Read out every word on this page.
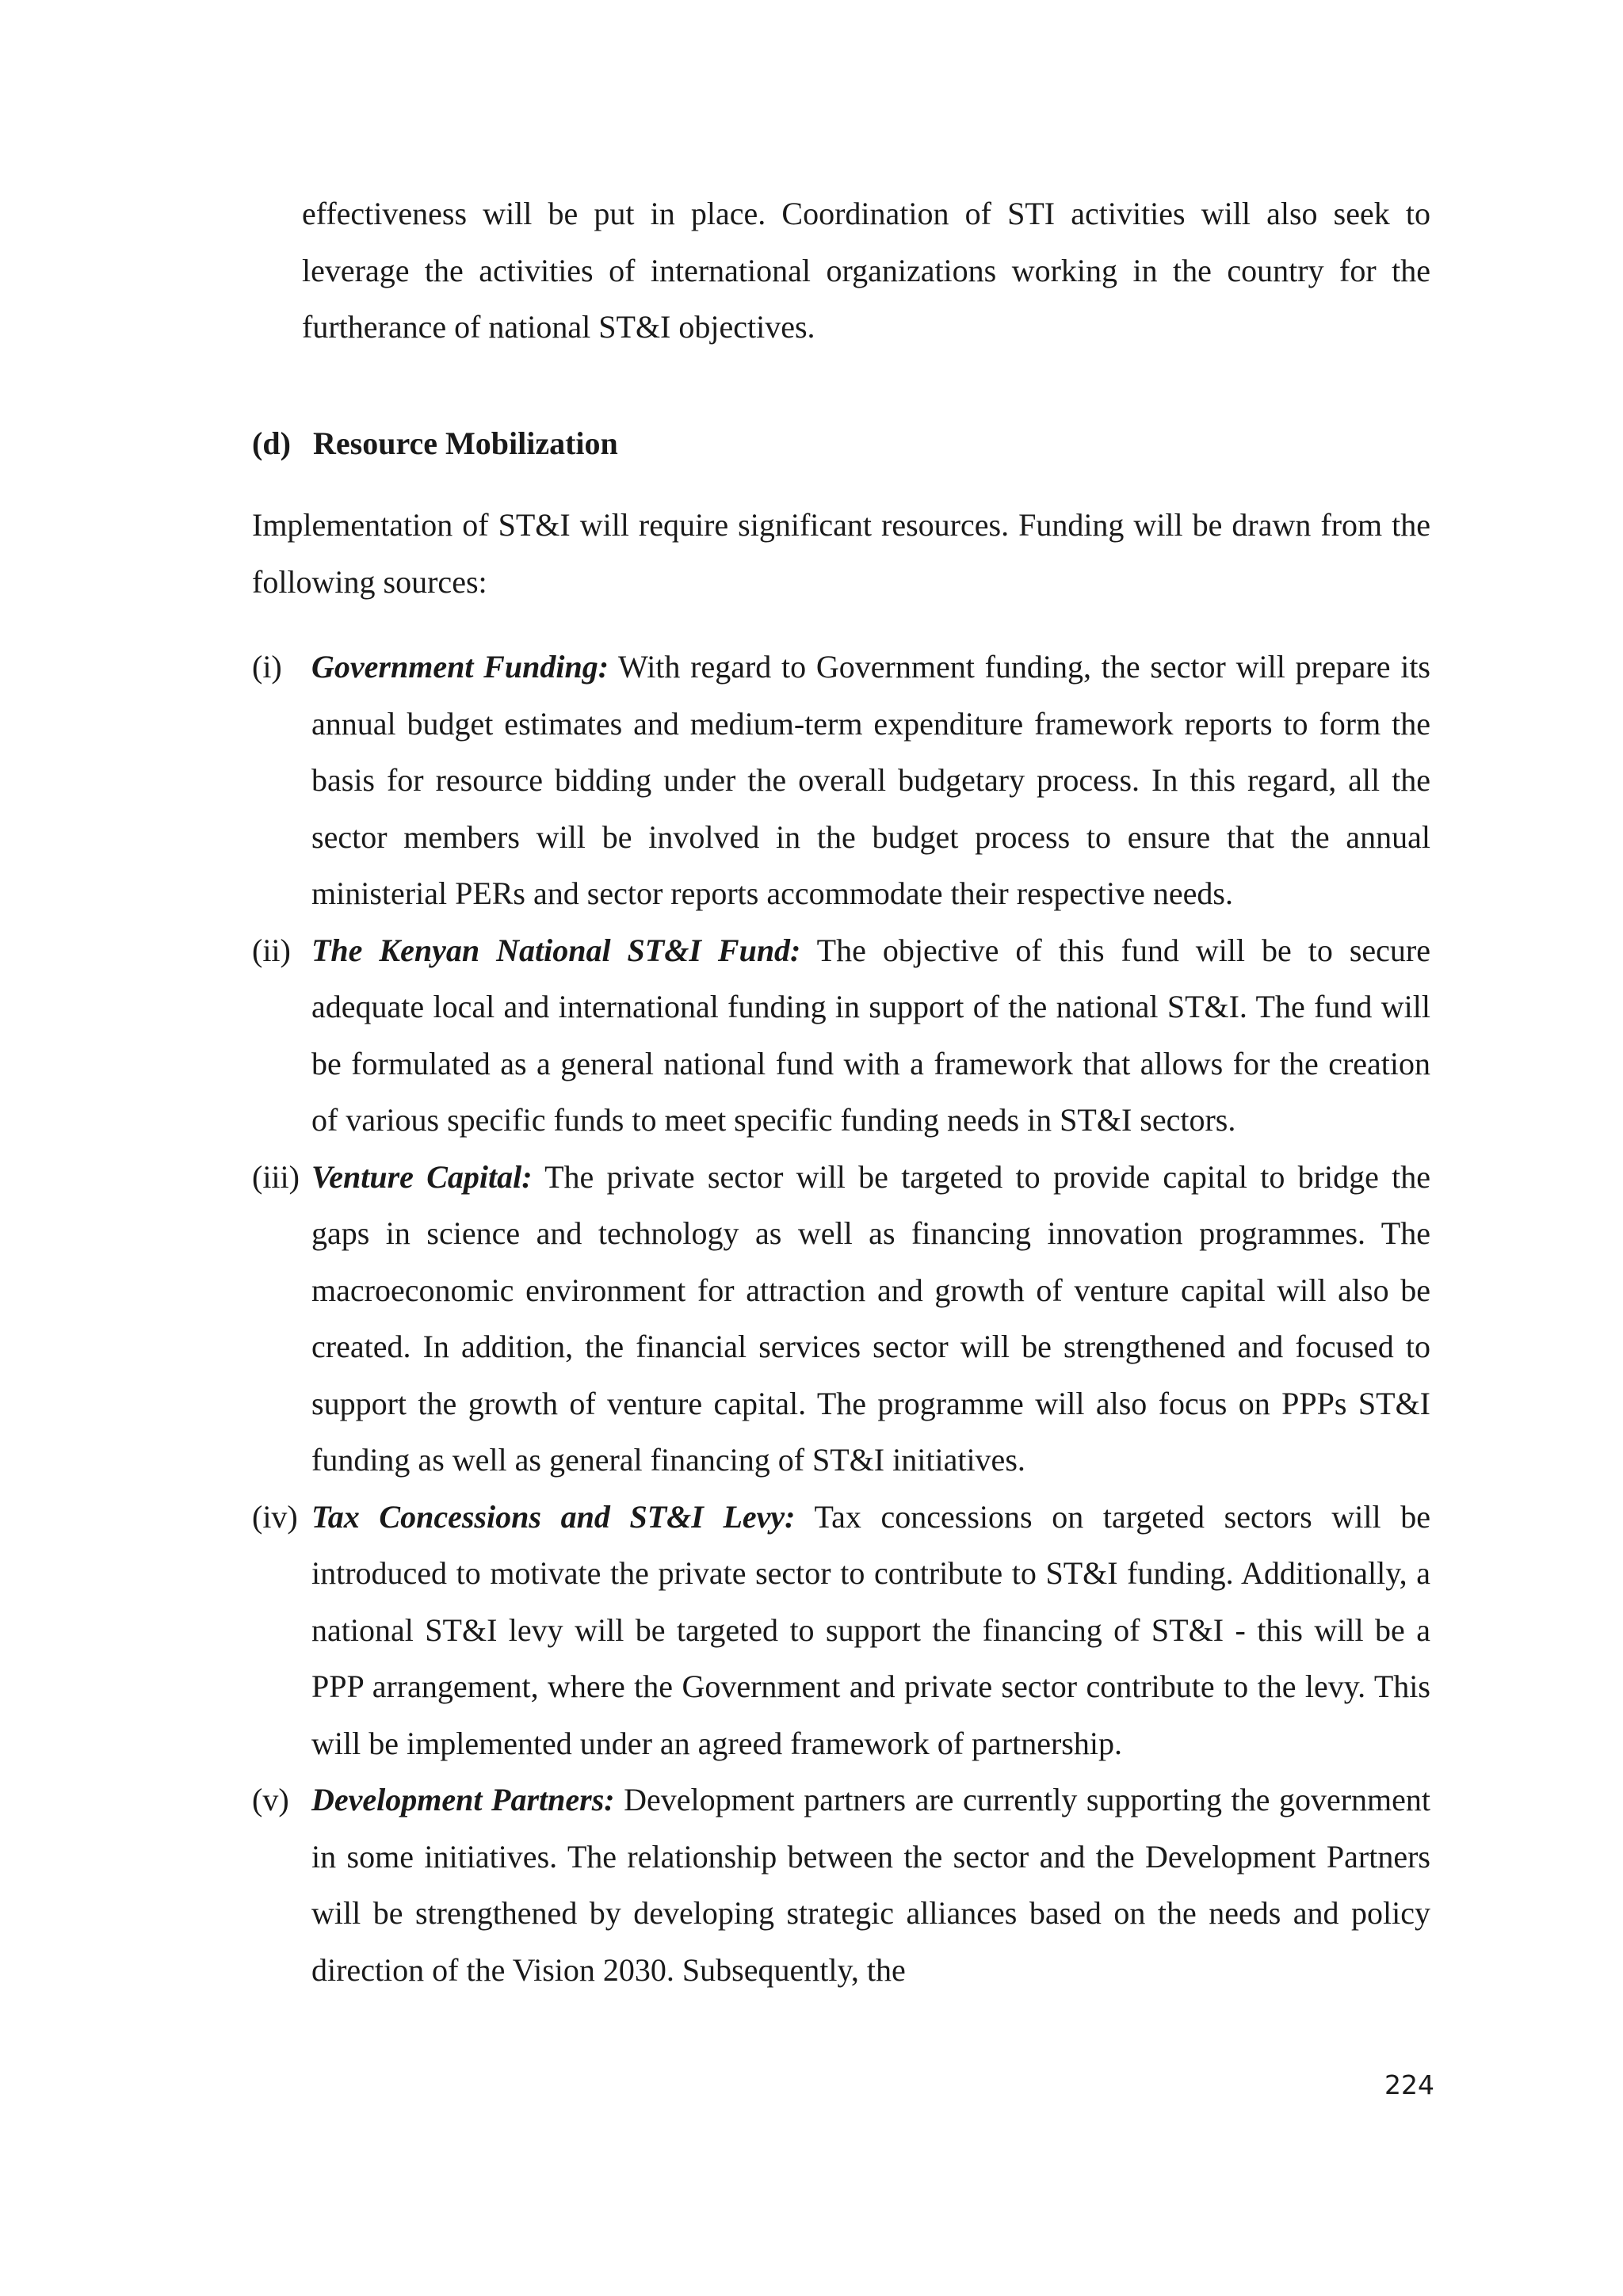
effectiveness will be put in place. Coordination of STI activities will also seek to leverage the activities of international organizations working in the country for the furtherance of national ST&I objectives.

(d) Resource Mobilization

Implementation of ST&I will require significant resources. Funding will be drawn from the following sources:

(i) Government Funding: With regard to Government funding, the sector will prepare its annual budget estimates and medium-term expenditure framework reports to form the basis for resource bidding under the overall budgetary process. In this regard, all the sector members will be involved in the budget process to ensure that the annual ministerial PERs and sector reports accommodate their respective needs.
(ii) The Kenyan National ST&I Fund: The objective of this fund will be to secure adequate local and international funding in support of the national ST&I. The fund will be formulated as a general national fund with a framework that allows for the creation of various specific funds to meet specific funding needs in ST&I sectors.
(iii) Venture Capital: The private sector will be targeted to provide capital to bridge the gaps in science and technology as well as financing innovation programmes. The macroeconomic environment for attraction and growth of venture capital will also be created. In addition, the financial services sector will be strengthened and focused to support the growth of venture capital. The programme will also focus on PPPs ST&I funding as well as general financing of ST&I initiatives.
(iv) Tax Concessions and ST&I Levy: Tax concessions on targeted sectors will be introduced to motivate the private sector to contribute to ST&I funding. Additionally, a national ST&I levy will be targeted to support the financing of ST&I - this will be a PPP arrangement, where the Government and private sector contribute to the levy. This will be implemented under an agreed framework of partnership.
(v) Development Partners: Development partners are currently supporting the government in some initiatives. The relationship between the sector and the Development Partners will be strengthened by developing strategic alliances based on the needs and policy direction of the Vision 2030. Subsequently, the
224
